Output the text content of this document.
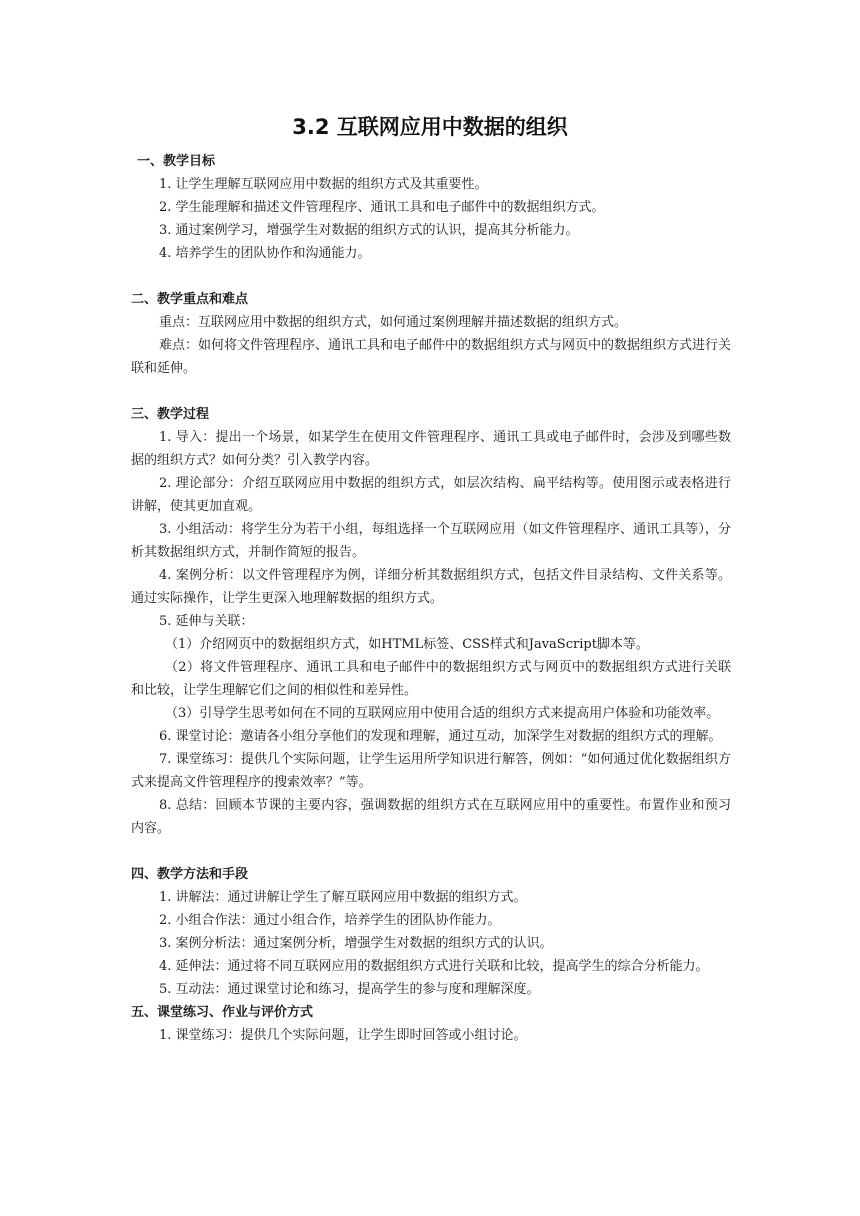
3.2 互联网应用中数据的组织
一、教学目标
1. 让学生理解互联网应用中数据的组织方式及其重要性。
2. 学生能理解和描述文件管理程序、通讯工具和电子邮件中的数据组织方式。
3. 通过案例学习，增强学生对数据的组织方式的认识，提高其分析能力。
4. 培养学生的团队协作和沟通能力。
二、教学重点和难点
重点：互联网应用中数据的组织方式，如何通过案例理解并描述数据的组织方式。
难点：如何将文件管理程序、通讯工具和电子邮件中的数据组织方式与网页中的数据组织方式进行关联和延伸。
三、教学过程
1. 导入：提出一个场景，如某学生在使用文件管理程序、通讯工具或电子邮件时，会涉及到哪些数据的组织方式？如何分类？引入教学内容。
2. 理论部分：介绍互联网应用中数据的组织方式，如层次结构、扁平结构等。使用图示或表格进行讲解，使其更加直观。
3. 小组活动：将学生分为若干小组，每组选择一个互联网应用（如文件管理程序、通讯工具等），分析其数据组织方式，并制作简短的报告。
4. 案例分析：以文件管理程序为例，详细分析其数据组织方式，包括文件目录结构、文件关系等。通过实际操作，让学生更深入地理解数据的组织方式。
5. 延伸与关联：
（1）介绍网页中的数据组织方式，如HTML标签、CSS样式和JavaScript脚本等。
（2）将文件管理程序、通讯工具和电子邮件中的数据组织方式与网页中的数据组织方式进行关联和比较，让学生理解它们之间的相似性和差异性。
（3）引导学生思考如何在不同的互联网应用中使用合适的组织方式来提高用户体验和功能效率。
6. 课堂讨论：邀请各小组分享他们的发现和理解，通过互动，加深学生对数据的组织方式的理解。
7. 课堂练习：提供几个实际问题，让学生运用所学知识进行解答，例如：“如何通过优化数据组织方式来提高文件管理程序的搜索效率？”等。
8. 总结：回顾本节课的主要内容，强调数据的组织方式在互联网应用中的重要性。布置作业和预习内容。
四、教学方法和手段
1. 讲解法：通过讲解让学生了解互联网应用中数据的组织方式。
2. 小组合作法：通过小组合作，培养学生的团队协作能力。
3. 案例分析法：通过案例分析，增强学生对数据的组织方式的认识。
4. 延伸法：通过将不同互联网应用的数据组织方式进行关联和比较，提高学生的综合分析能力。
5. 互动法：通过课堂讨论和练习，提高学生的参与度和理解深度。
五、课堂练习、作业与评价方式
1. 课堂练习：提供几个实际问题，让学生即时回答或小组讨论。
